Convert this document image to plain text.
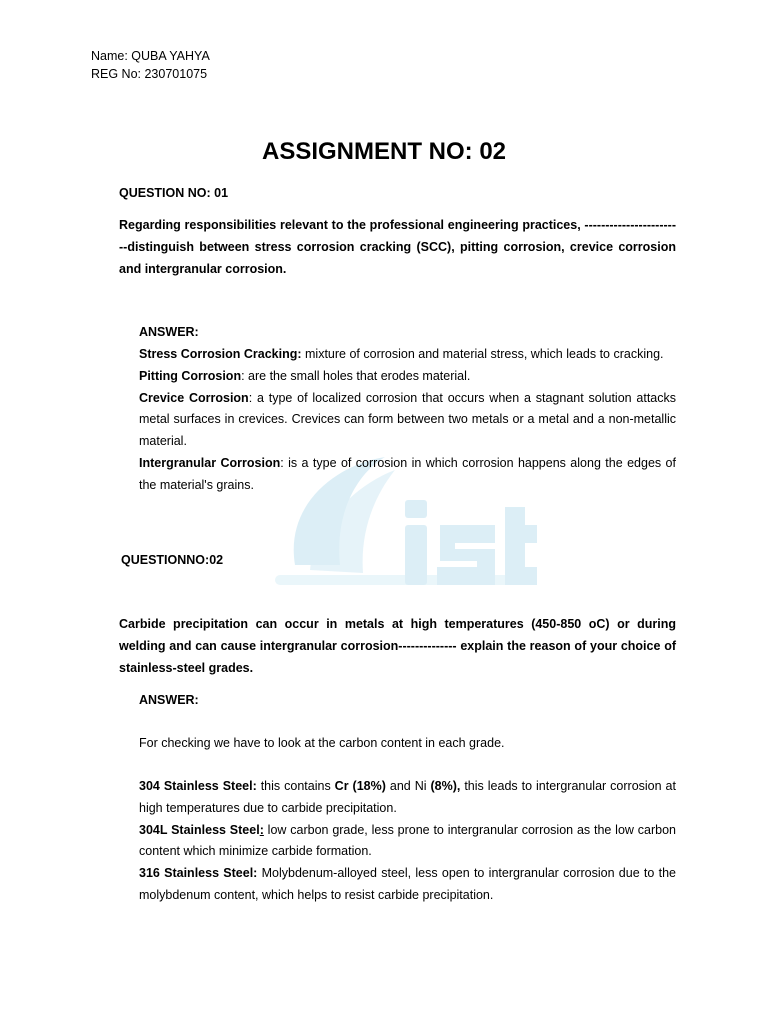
Name: QUBA YAHYA
REG No: 230701075
ASSIGNMENT NO: 02
QUESTION NO: 01
Regarding responsibilities relevant to the professional engineering practices, ------------------------distinguish between stress corrosion cracking (SCC), pitting corrosion, crevice corrosion and intergranular corrosion.
ANSWER:
Stress Corrosion Cracking: mixture of corrosion and material stress, which leads to cracking.
Pitting Corrosion: are the small holes that erodes material.
Crevice Corrosion: a type of localized corrosion that occurs when a stagnant solution attacks metal surfaces in crevices. Crevices can form between two metals or a metal and a non-metallic material.
Intergranular Corrosion: is a type of corrosion in which corrosion happens along the edges of the material's grains.
QUESTIONNO:02
Carbide precipitation can occur in metals at high temperatures (450-850 oC) or during welding and can cause intergranular corrosion-------------- explain the reason of your choice of stainless-steel grades.
ANSWER:
For checking we have to look at the carbon content in each grade.
304 Stainless Steel: this contains Cr (18%) and Ni (8%), this leads to intergranular corrosion at high temperatures due to carbide precipitation.
304L Stainless Steel: low carbon grade, less prone to intergranular corrosion as the low carbon content which minimize carbide formation.
316 Stainless Steel: Molybdenum-alloyed steel, less open to intergranular corrosion due to the molybdenum content, which helps to resist carbide precipitation.
